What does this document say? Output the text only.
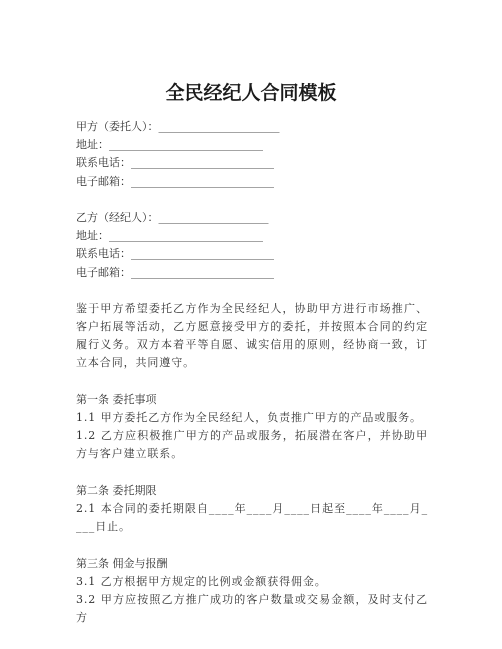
全民经纪人合同模板
甲方（委托人）：______________________
地址：____________________________
联系电话：__________________________
电子邮箱：__________________________
乙方（经纪人）：____________________
地址：____________________________
联系电话：__________________________
电子邮箱：__________________________
鉴于甲方希望委托乙方作为全民经纪人，协助甲方进行市场推广、客户拓展等活动，乙方愿意接受甲方的委托，并按照本合同的约定履行义务。双方本着平等自愿、诚实信用的原则，经协商一致，订立本合同，共同遵守。
第一条 委托事项
1.1 甲方委托乙方作为全民经纪人，负责推广甲方的产品或服务。
1.2 乙方应积极推广甲方的产品或服务，拓展潜在客户，并协助甲方与客户建立联系。
第二条 委托期限
2.1 本合同的委托期限自____年____月____日起至____年____月____日止。
第三条 佣金与报酬
3.1 乙方根据甲方规定的比例或金额获得佣金。
3.2 甲方应按照乙方推广成功的客户数量或交易金额，及时支付乙方
